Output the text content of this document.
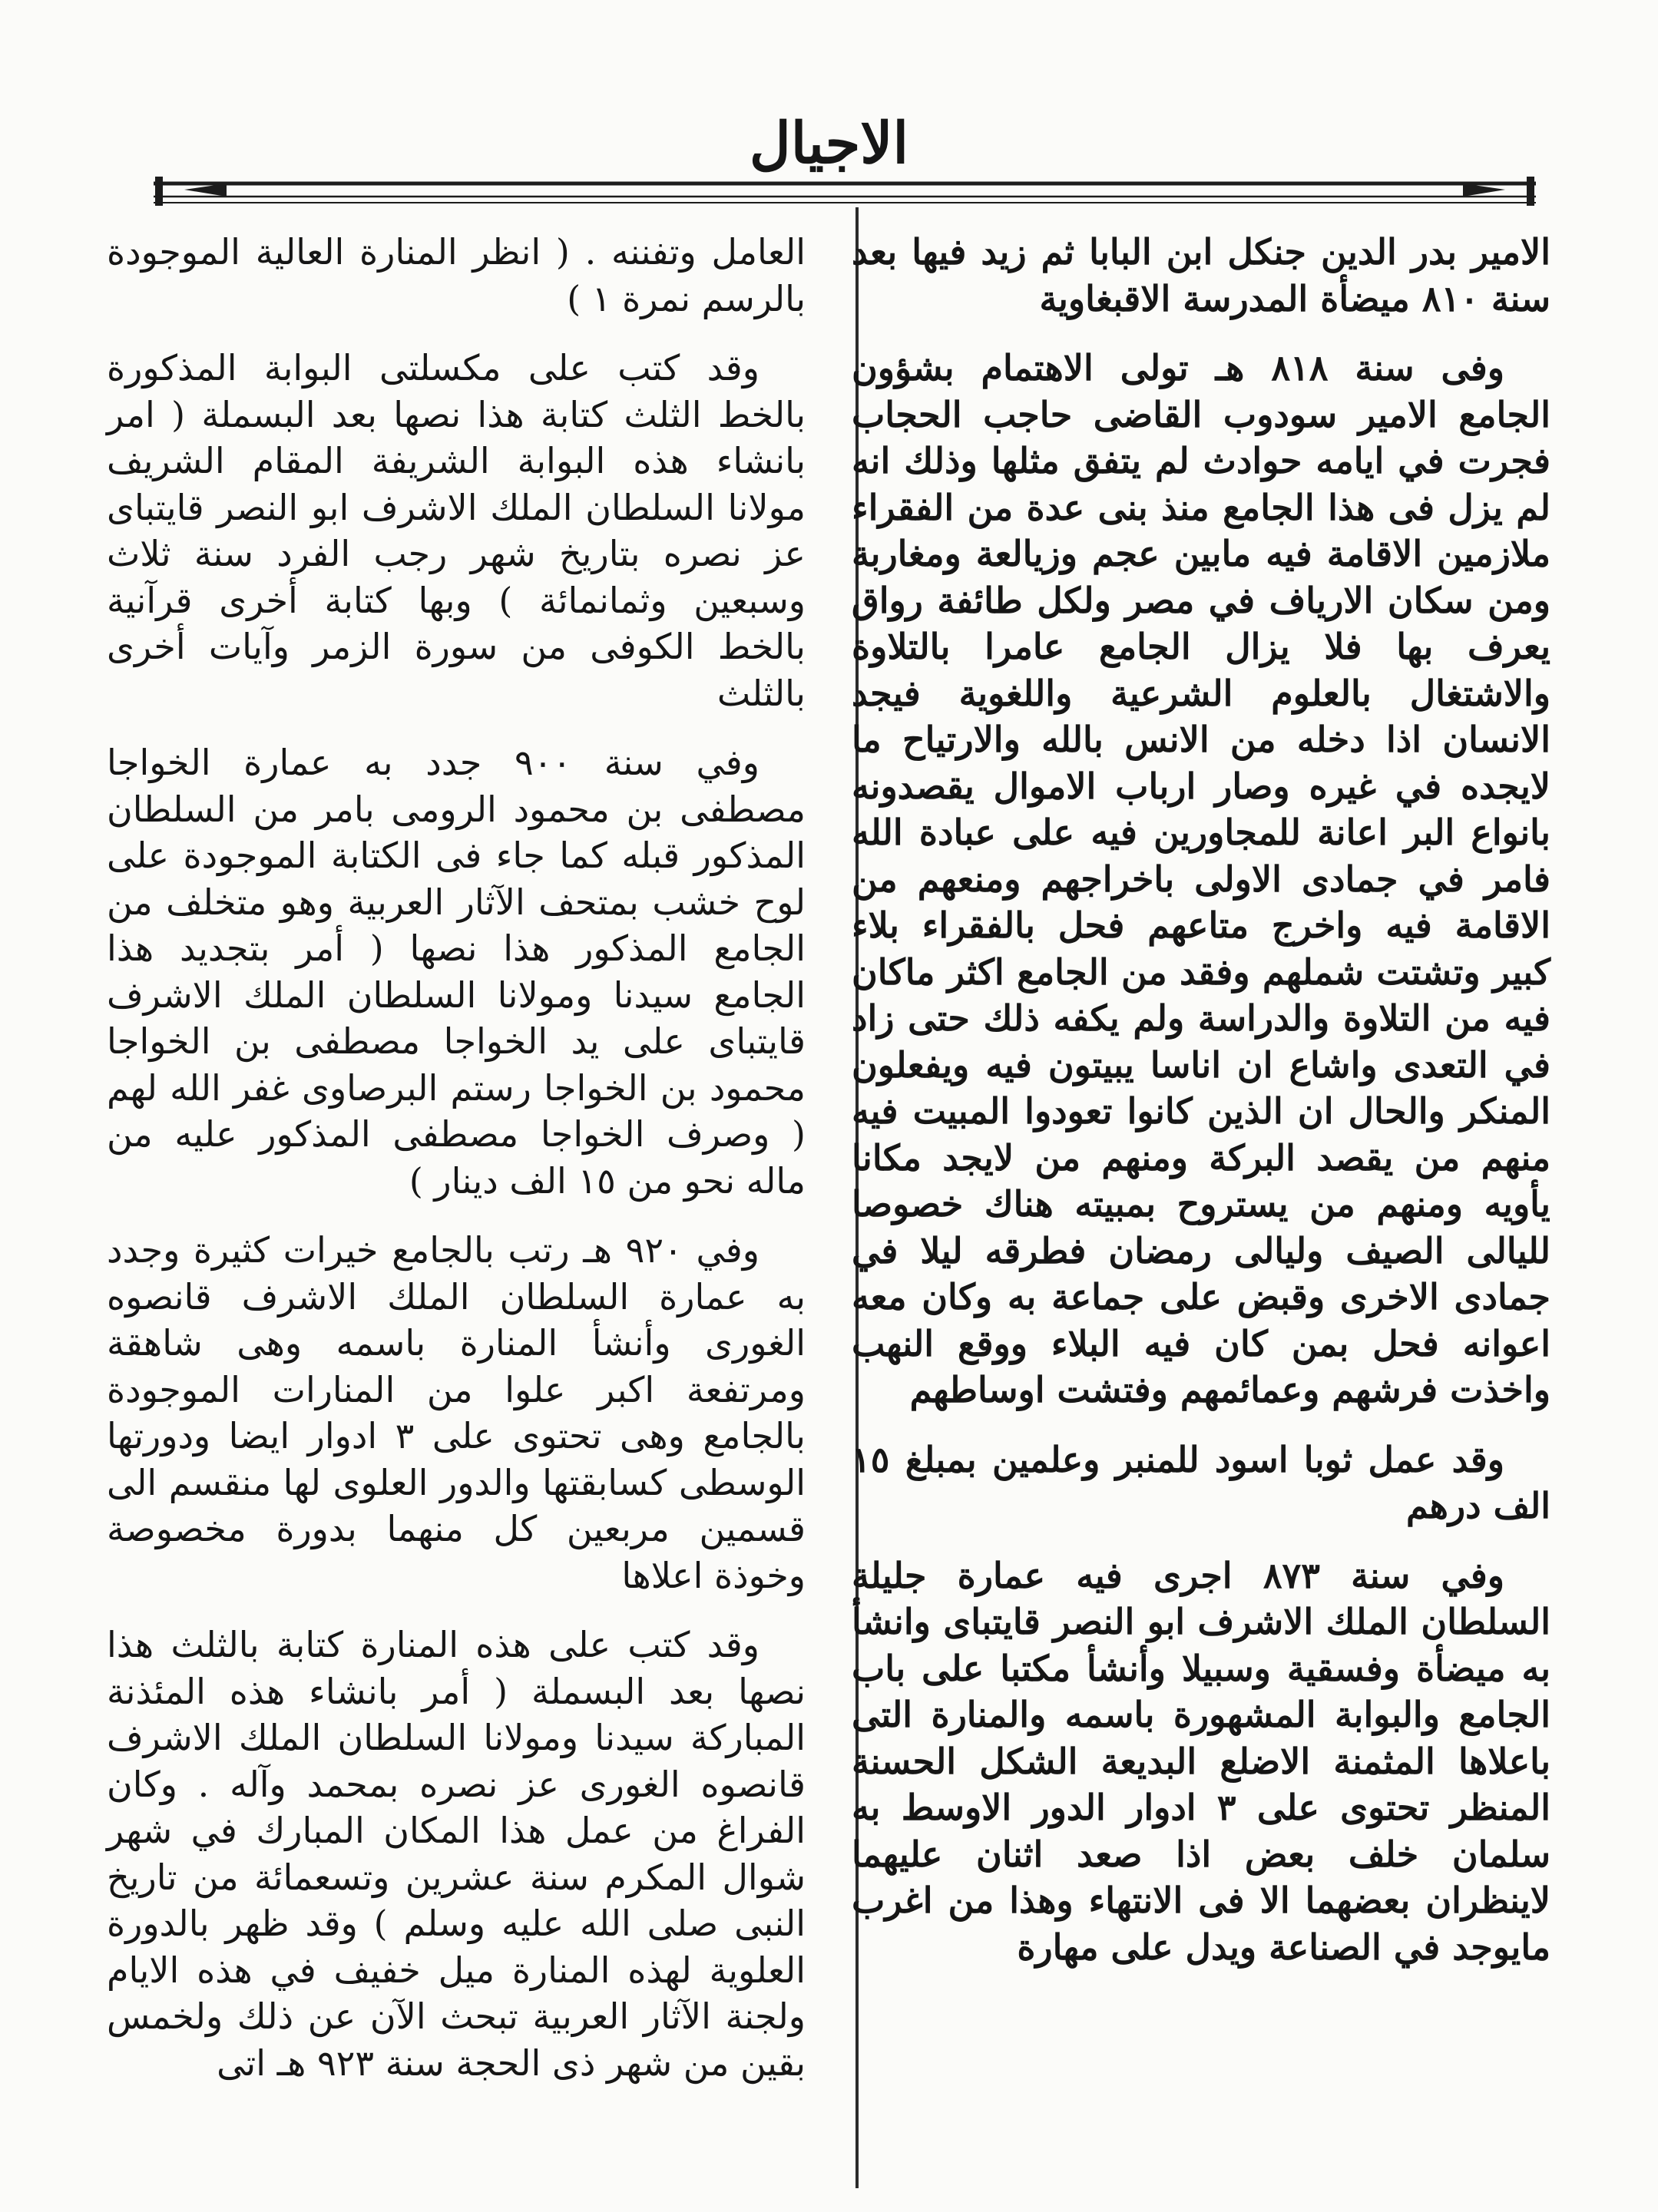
الاجيال

الامير بدر الدين جنكل ابن البابا ثم زيد فيها بعد سنة ٨١٠ ميضأة المدرسة الاقبغاوية

وفى سنة ٨١٨ هـ تولى الاهتمام بشؤون الجامع الامير سودوب القاضى حاجب الحجاب فجرت في ايامه حوادث لم يتفق مثلها وذلك انه لم يزل فى هذا الجامع منذ بنى عدة من الفقراء ملازمين الاقامة فيه مابين عجم وزيالعة ومغاربة ومن سكان الارياف في مصر ولكل طائفة رواق يعرف بها فلا يزال الجامع عامرا بالتلاوة والاشتغال بالعلوم الشرعية واللغوية فيجد الانسان اذا دخله من الانس بالله والارتياح ما لايجده في غيره وصار ارباب الاموال يقصدونه بانواع البر اعانة للمجاورين فيه على عبادة الله فامر في جمادى الاولى باخراجهم ومنعهم من الاقامة فيه واخرج متاعهم فحل بالفقراء بلاء كبير وتشتت شملهم وفقد من الجامع اكثر ماكان فيه من التلاوة والدراسة ولم يكفه ذلك حتى زاد في التعدى واشاع ان اناسا يبيتون فيه ويفعلون المنكر والحال ان الذين كانوا تعودوا المبيت فيه منهم من يقصد البركة ومنهم من لايجد مكانا يأويه ومنهم من يستروح بمبيته هناك خصوصا لليالى الصيف وليالى رمضان فطرقه ليلا في جمادى الاخرى وقبض على جماعة به وكان معه اعوانه فحل بمن كان فيه البلاء ووقع النهب واخذت فرشهم وعمائمهم وفتشت اوساطهم

وقد عمل ثوبا اسود للمنبر وعلمين بمبلغ ١٥ الف درهم

وفي سنة ٨٧٣ اجرى فيه عمارة جليلة السلطان الملك الاشرف ابو النصر قايتباى وانشأ به ميضأة وفسقية وسبيلا وأنشأ مكتبا على باب الجامع والبوابة المشهورة باسمه والمنارة التى باعلاها المثمنة الاضلع البديعة الشكل الحسنة المنظر تحتوى على ٣ ادوار الدور الاوسط به سلمان خلف بعض اذا صعد اثنان عليهما لاينظران بعضهما الا فى الانتهاء وهذا من اغرب مايوجد في الصناعة ويدل على مهارة

العامل وتفننه . ( انظر المنارة العالية الموجودة بالرسم نمرة ١ )

وقد كتب على مكسلتى البوابة المذكورة بالخط الثلث كتابة هذا نصها بعد البسملة ( امر بانشاء هذه البوابة الشريفة المقام الشريف مولانا السلطان الملك الاشرف ابو النصر قايتباى عز نصره بتاريخ شهر رجب الفرد سنة ثلاث وسبعين وثمانمائة ) وبها كتابة أخرى قرآنية بالخط الكوفى من سورة الزمر وآيات أخرى بالثلث

وفي سنة ٩٠٠ جدد به عمارة الخواجا مصطفى بن محمود الرومى بامر من السلطان المذكور قبله كما جاء فى الكتابة الموجودة على لوح خشب بمتحف الآثار العربية وهو متخلف من الجامع المذكور هذا نصها ( أمر بتجديد هذا الجامع سيدنا ومولانا السلطان الملك الاشرف قايتباى على يد الخواجا مصطفى بن الخواجا محمود بن الخواجا رستم البرصاوى غفر الله لهم ( وصرف الخواجا مصطفى المذكور عليه من ماله نحو من ١٥ الف دينار )

وفي ٩٢٠ هـ رتب بالجامع خيرات كثيرة وجدد به عمارة السلطان الملك الاشرف قانصوه الغورى وأنشأ المنارة باسمه وهى شاهقة ومرتفعة اكبر علوا من المنارات الموجودة بالجامع وهى تحتوى على ٣ ادوار ايضا ودورتها الوسطى كسابقتها والدور العلوى لها منقسم الى قسمين مربعين كل منهما بدورة مخصوصة وخوذة اعلاها

وقد كتب على هذه المنارة كتابة بالثلث هذا نصها بعد البسملة ( أمر بانشاء هذه المئذنة المباركة سيدنا ومولانا السلطان الملك الاشرف قانصوه الغورى عز نصره بمحمد وآله . وكان الفراغ من عمل هذا المكان المبارك في شهر شوال المكرم سنة عشرين وتسعمائة من تاريخ النبى صلى الله عليه وسلم ) وقد ظهر بالدورة العلوية لهذه المنارة ميل خفيف في هذه الايام ولجنة الآثار العربية تبحث الآن عن ذلك ولخمس بقين من شهر ذى الحجة سنة ٩٢٣ هـ اتى
